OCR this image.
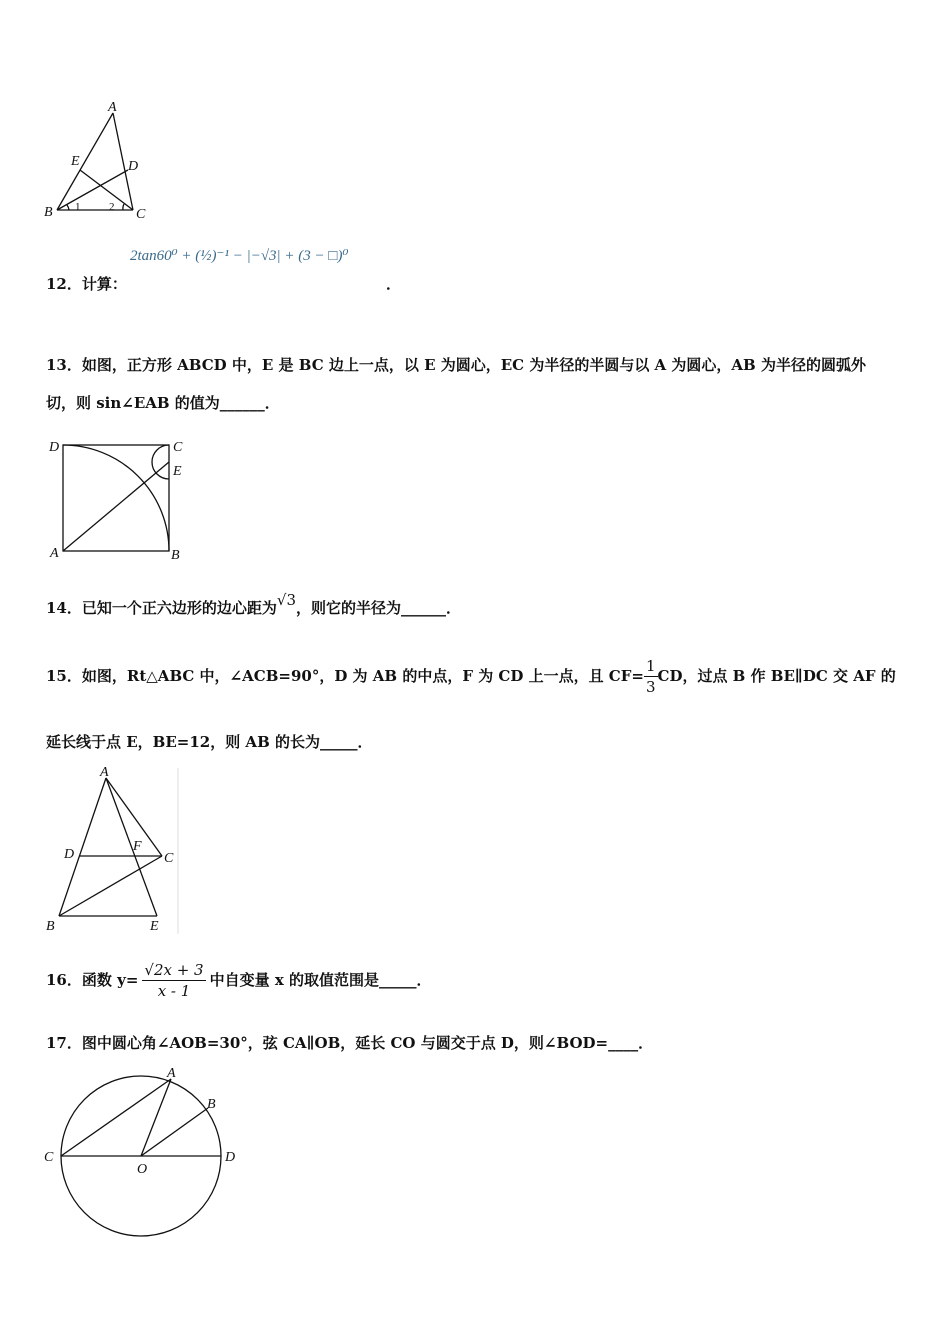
A
E	D
B	C
1	2
2tan60⁰ + (½)⁻¹ − |−√3| + (3 − □)⁰
12．计算：	．
13．如图，正方形 ABCD 中，E 是 BC 边上一点，以 E 为圆心，EC 为半径的半圆与以 A 为圆心，AB 为半径的圆弧外
切，则 sin∠EAB 的值为______．
D	C
E
A	B
14．已知一个正六边形的边心距为√3，则它的半径为______．
15． 如图，Rt△ABC 中，∠ACB=90°，D 为 AB 的中点，F 为 CD 上一点，且 $CF= \frac{1}{3}$ CD，过点 B 作 BE∥DC 交 AF 的
延长线于点 E，BE=12，则 AB 的长为_____．
A
D
F
C
B	E
16． 函数 $y= \frac{√2x + 3}{x - 1}$ 中自变量 x 的取值范围是_____．
17．图中圆心角∠AOB=30°，弦 CA∥OB，延长 CO 与圆交于点 D，则∠BOD=____．
A
B
C
O
D
